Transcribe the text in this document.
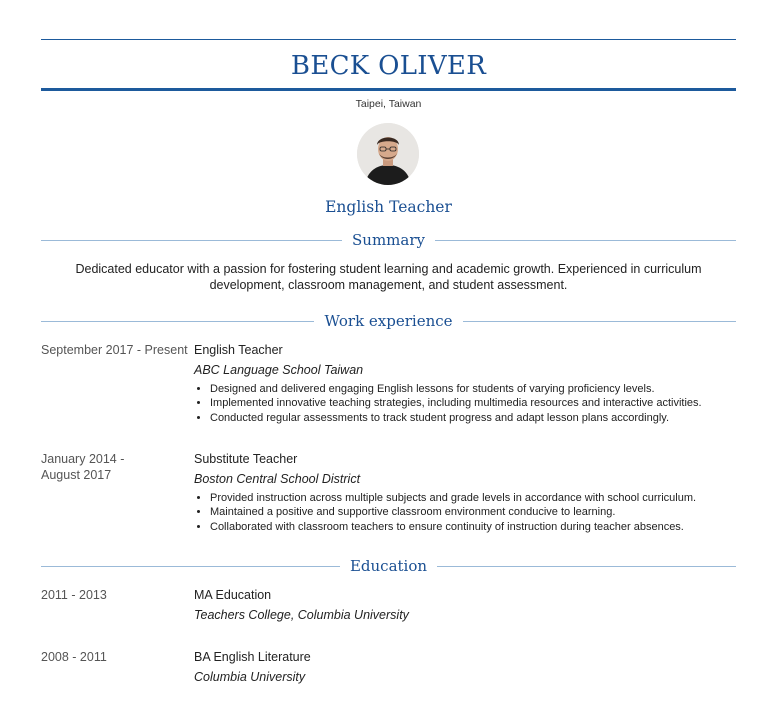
BECK OLIVER
Taipei, Taiwan
English Teacher
Summary
Dedicated educator with a passion for fostering student learning and academic growth. Experienced in curriculum development, classroom management, and student assessment.
Work experience
September 2017 - Present English Teacher
ABC Language School Taiwan
• Designed and delivered engaging English lessons for students of varying proficiency levels.
• Implemented innovative teaching strategies, including multimedia resources and interactive activities.
• Conducted regular assessments to track student progress and adapt lesson plans accordingly.
January 2014 - August 2017
Substitute Teacher
Boston Central School District
• Provided instruction across multiple subjects and grade levels in accordance with school curriculum.
• Maintained a positive and supportive classroom environment conducive to learning.
• Collaborated with classroom teachers to ensure continuity of instruction during teacher absences.
Education
2011 - 2013	MA Education
Teachers College, Columbia University
2008 - 2011	BA English Literature
Columbia University
